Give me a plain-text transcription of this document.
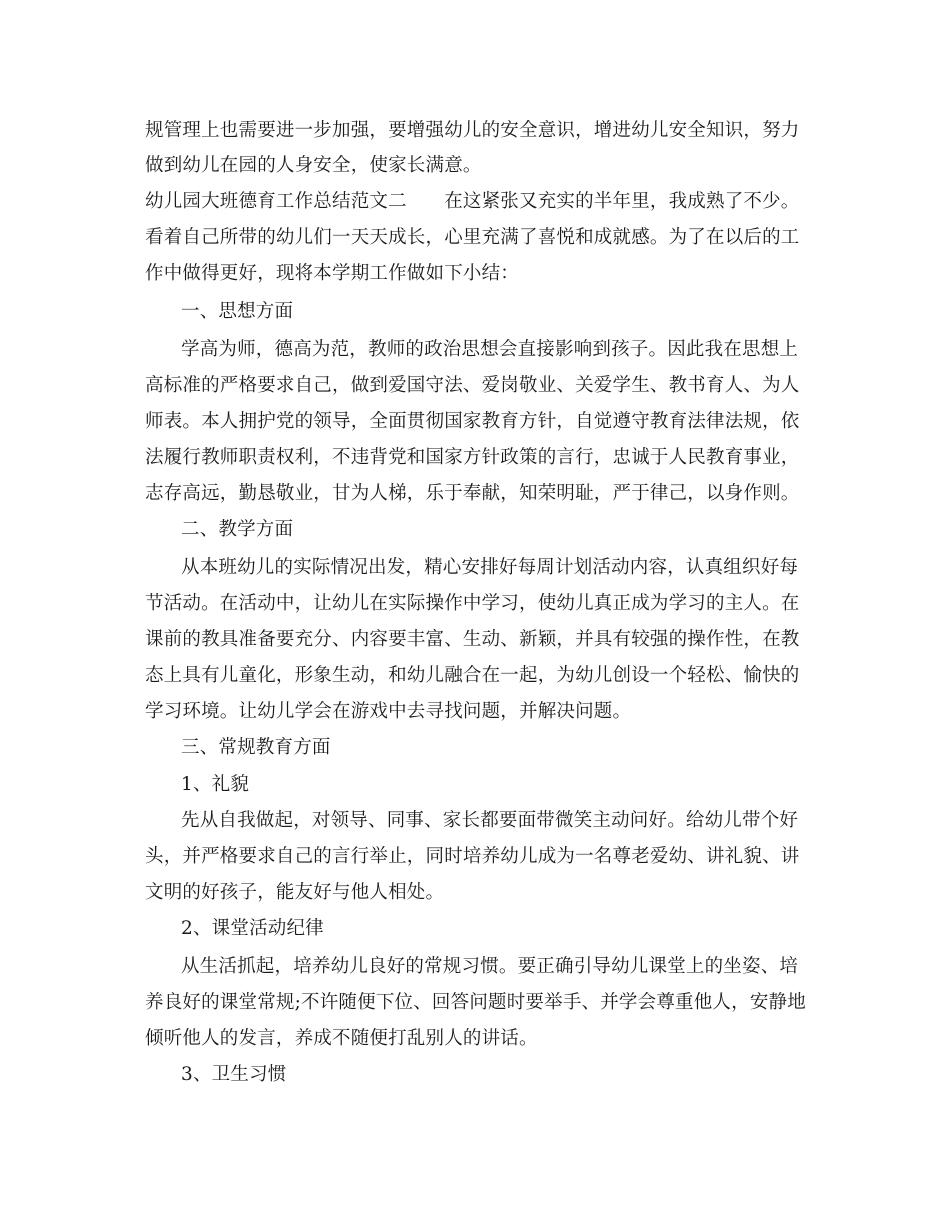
规管理上也需要进一步加强，要增强幼儿的安全意识，增进幼儿安全知识，努力
做到幼儿在园的人身安全，使家长满意。
幼儿园大班德育工作总结范文二　　在这紧张又充实的半年里，我成熟了不少。
看着自己所带的幼儿们一天天成长，心里充满了喜悦和成就感。为了在以后的工
作中做得更好，现将本学期工作做如下小结：
一、思想方面
学高为师，德高为范，教师的政治思想会直接影响到孩子。因此我在思想上
高标准的严格要求自己，做到爱国守法、爱岗敬业、关爱学生、教书育人、为人
师表。本人拥护党的领导，全面贯彻国家教育方针，自觉遵守教育法律法规，依
法履行教师职责权利，不违背党和国家方针政策的言行，忠诚于人民教育事业，
志存高远，勤恳敬业，甘为人梯，乐于奉献，知荣明耻，严于律己，以身作则。
二、教学方面
从本班幼儿的实际情况出发，精心安排好每周计划活动内容，认真组织好每
节活动。在活动中，让幼儿在实际操作中学习，使幼儿真正成为学习的主人。在
课前的教具准备要充分、内容要丰富、生动、新颖，并具有较强的操作性，在教
态上具有儿童化，形象生动，和幼儿融合在一起，为幼儿创设一个轻松、愉快的
学习环境。让幼儿学会在游戏中去寻找问题，并解决问题。
三、常规教育方面
1、礼貌
先从自我做起，对领导、同事、家长都要面带微笑主动问好。给幼儿带个好
头，并严格要求自己的言行举止，同时培养幼儿成为一名尊老爱幼、讲礼貌、讲
文明的好孩子，能友好与他人相处。
2、课堂活动纪律
从生活抓起，培养幼儿良好的常规习惯。要正确引导幼儿课堂上的坐姿、培
养良好的课堂常规;不许随便下位、回答问题时要举手、并学会尊重他人，安静地
倾听他人的发言，养成不随便打乱别人的讲话。
3、卫生习惯
